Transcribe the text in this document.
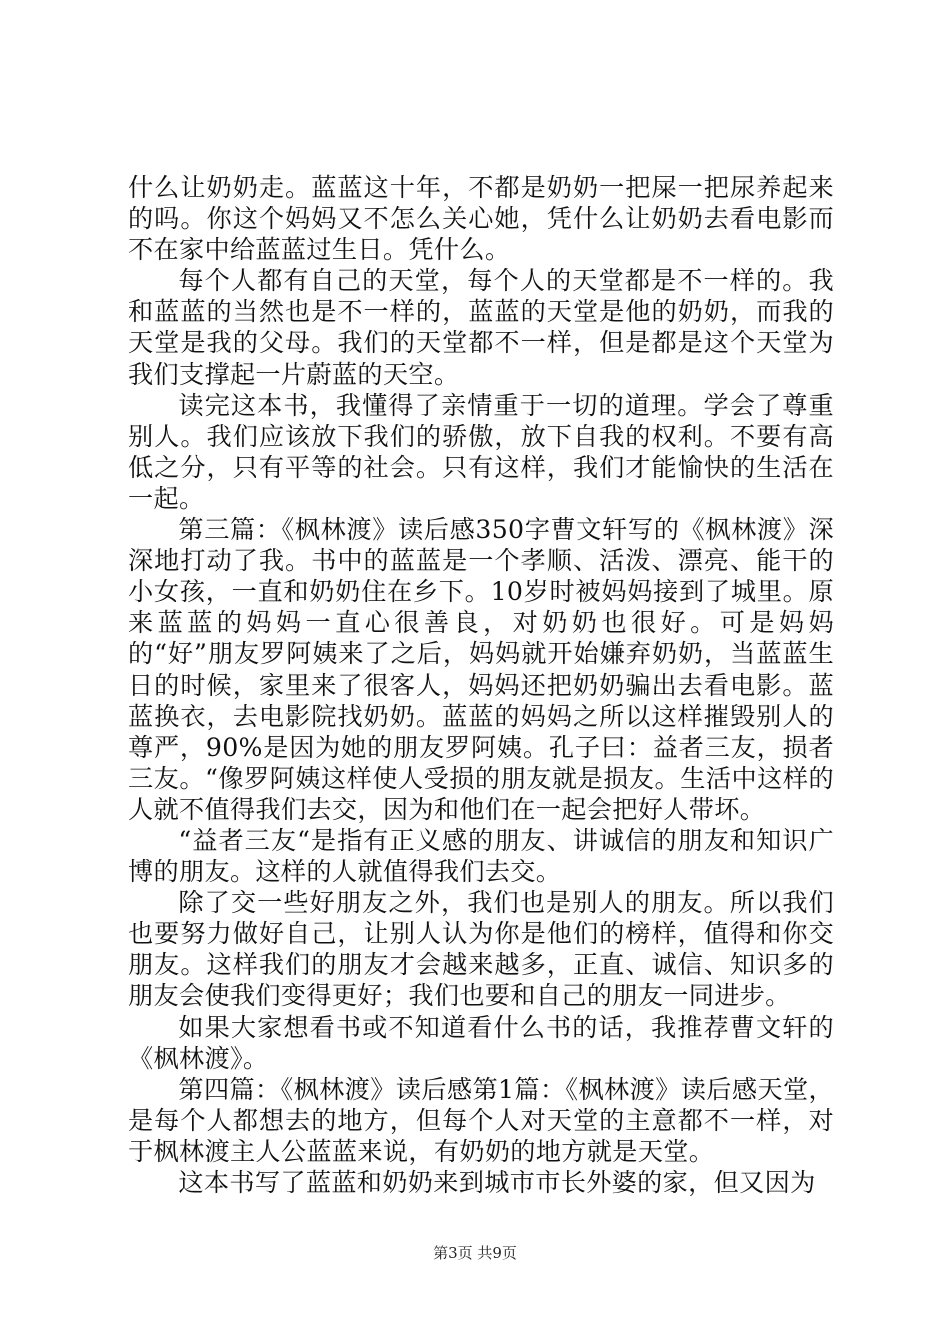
什么让奶奶走。蓝蓝这十年，不都是奶奶一把屎一把尿养起来的吗。你这个妈妈又不怎么关心她，凭什么让奶奶去看电影而不在家中给蓝蓝过生日。凭什么。

每个人都有自己的天堂，每个人的天堂都是不一样的。我和蓝蓝的当然也是不一样的，蓝蓝的天堂是他的奶奶，而我的天堂是我的父母。我们的天堂都不一样，但是都是这个天堂为我们支撑起一片蔚蓝的天空。

读完这本书，我懂得了亲情重于一切的道理。学会了尊重别人。我们应该放下我们的骄傲，放下自我的权利。不要有高低之分，只有平等的社会。只有这样，我们才能愉快的生活在一起。

第三篇：《枫林渡》读后感350字曹文轩写的《枫林渡》深深地打动了我。书中的蓝蓝是一个孝顺、活泼、漂亮、能干的小女孩，一直和奶奶住在乡下。10岁时被妈妈接到了城里。原来蓝蓝的妈妈一直心很善良，对奶奶也很好。可是妈妈的“好”朋友罗阿姨来了之后，妈妈就开始嫌弃奶奶，当蓝蓝生日的时候，家里来了很客人，妈妈还把奶奶骗出去看电影。蓝蓝换衣，去电影院找奶奶。蓝蓝的妈妈之所以这样摧毁别人的尊严，90%是因为她的朋友罗阿姨。孔子曰：益者三友，损者三友。“像罗阿姨这样使人受损的朋友就是损友。生活中这样的人就不值得我们去交，因为和他们在一起会把好人带坏。

“益者三友“是指有正义感的朋友、讲诚信的朋友和知识广博的朋友。这样的人就值得我们去交。

除了交一些好朋友之外，我们也是别人的朋友。所以我们也要努力做好自己，让别人认为你是他们的榜样，值得和你交朋友。这样我们的朋友才会越来越多，正直、诚信、知识多的朋友会使我们变得更好；我们也要和自己的朋友一同进步。

如果大家想看书或不知道看什么书的话，我推荐曹文轩的《枫林渡》。

第四篇：《枫林渡》读后感第1篇：《枫林渡》读后感天堂，是每个人都想去的地方，但每个人对天堂的主意都不一样，对于枫林渡主人公蓝蓝来说，有奶奶的地方就是天堂。

这本书写了蓝蓝和奶奶来到城市市长外婆的家，但又因为

第3页 共9页
